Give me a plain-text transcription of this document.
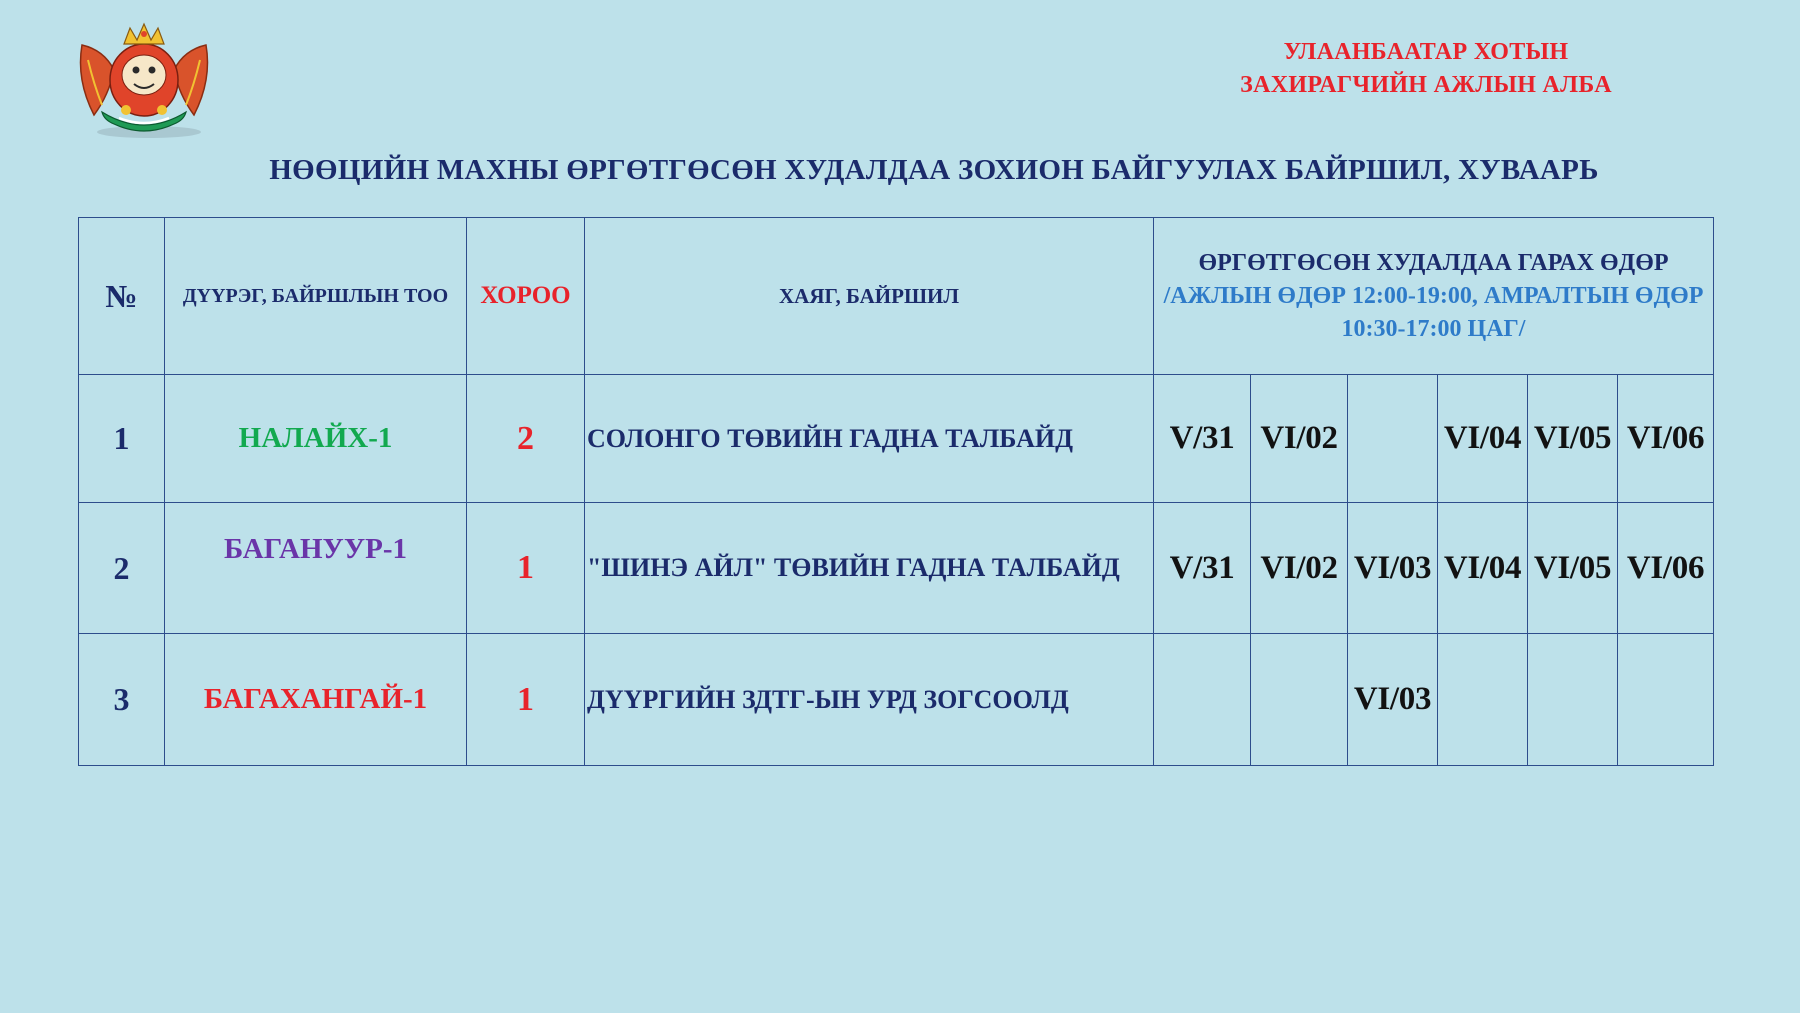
УЛААНБААТАР ХОТЫН
ЗАХИРАГЧИЙН АЖЛЫН АЛБА
НӨӨЦИЙН МАХНЫ ӨРГӨТГӨСӨН ХУДАЛДАА ЗОХИОН БАЙГУУЛАХ БАЙРШИЛ, ХУВААРЬ
№	ДҮҮРЭГ, БАЙРШЛЫН ТОО	ХОРОО	ХАЯГ, БАЙРШИЛ	ӨРГӨТГӨСӨН ХУДАЛДАА ГАРАХ ӨДӨР
/АЖЛЫН ӨДӨР 12:00-19:00, АМРАЛТЫН ӨДӨР 10:30-17:00 ЦАГ/					

1	НАЛАЙХ-1	2	СОЛОНГО ТӨВИЙН ГАДНА ТАЛБАЙД	V/31	VI/02		VI/04	VI/05	VI/06
2	БАГАНУУР-1	1	"ШИНЭ АЙЛ" ТӨВИЙН ГАДНА ТАЛБАЙД	V/31	VI/02	VI/03	VI/04	VI/05	VI/06
3	БАГАХАНГАЙ-1	1	ДҮҮРГИЙН ЗДТГ-ЫН УРД ЗОГСООЛД			VI/03			
